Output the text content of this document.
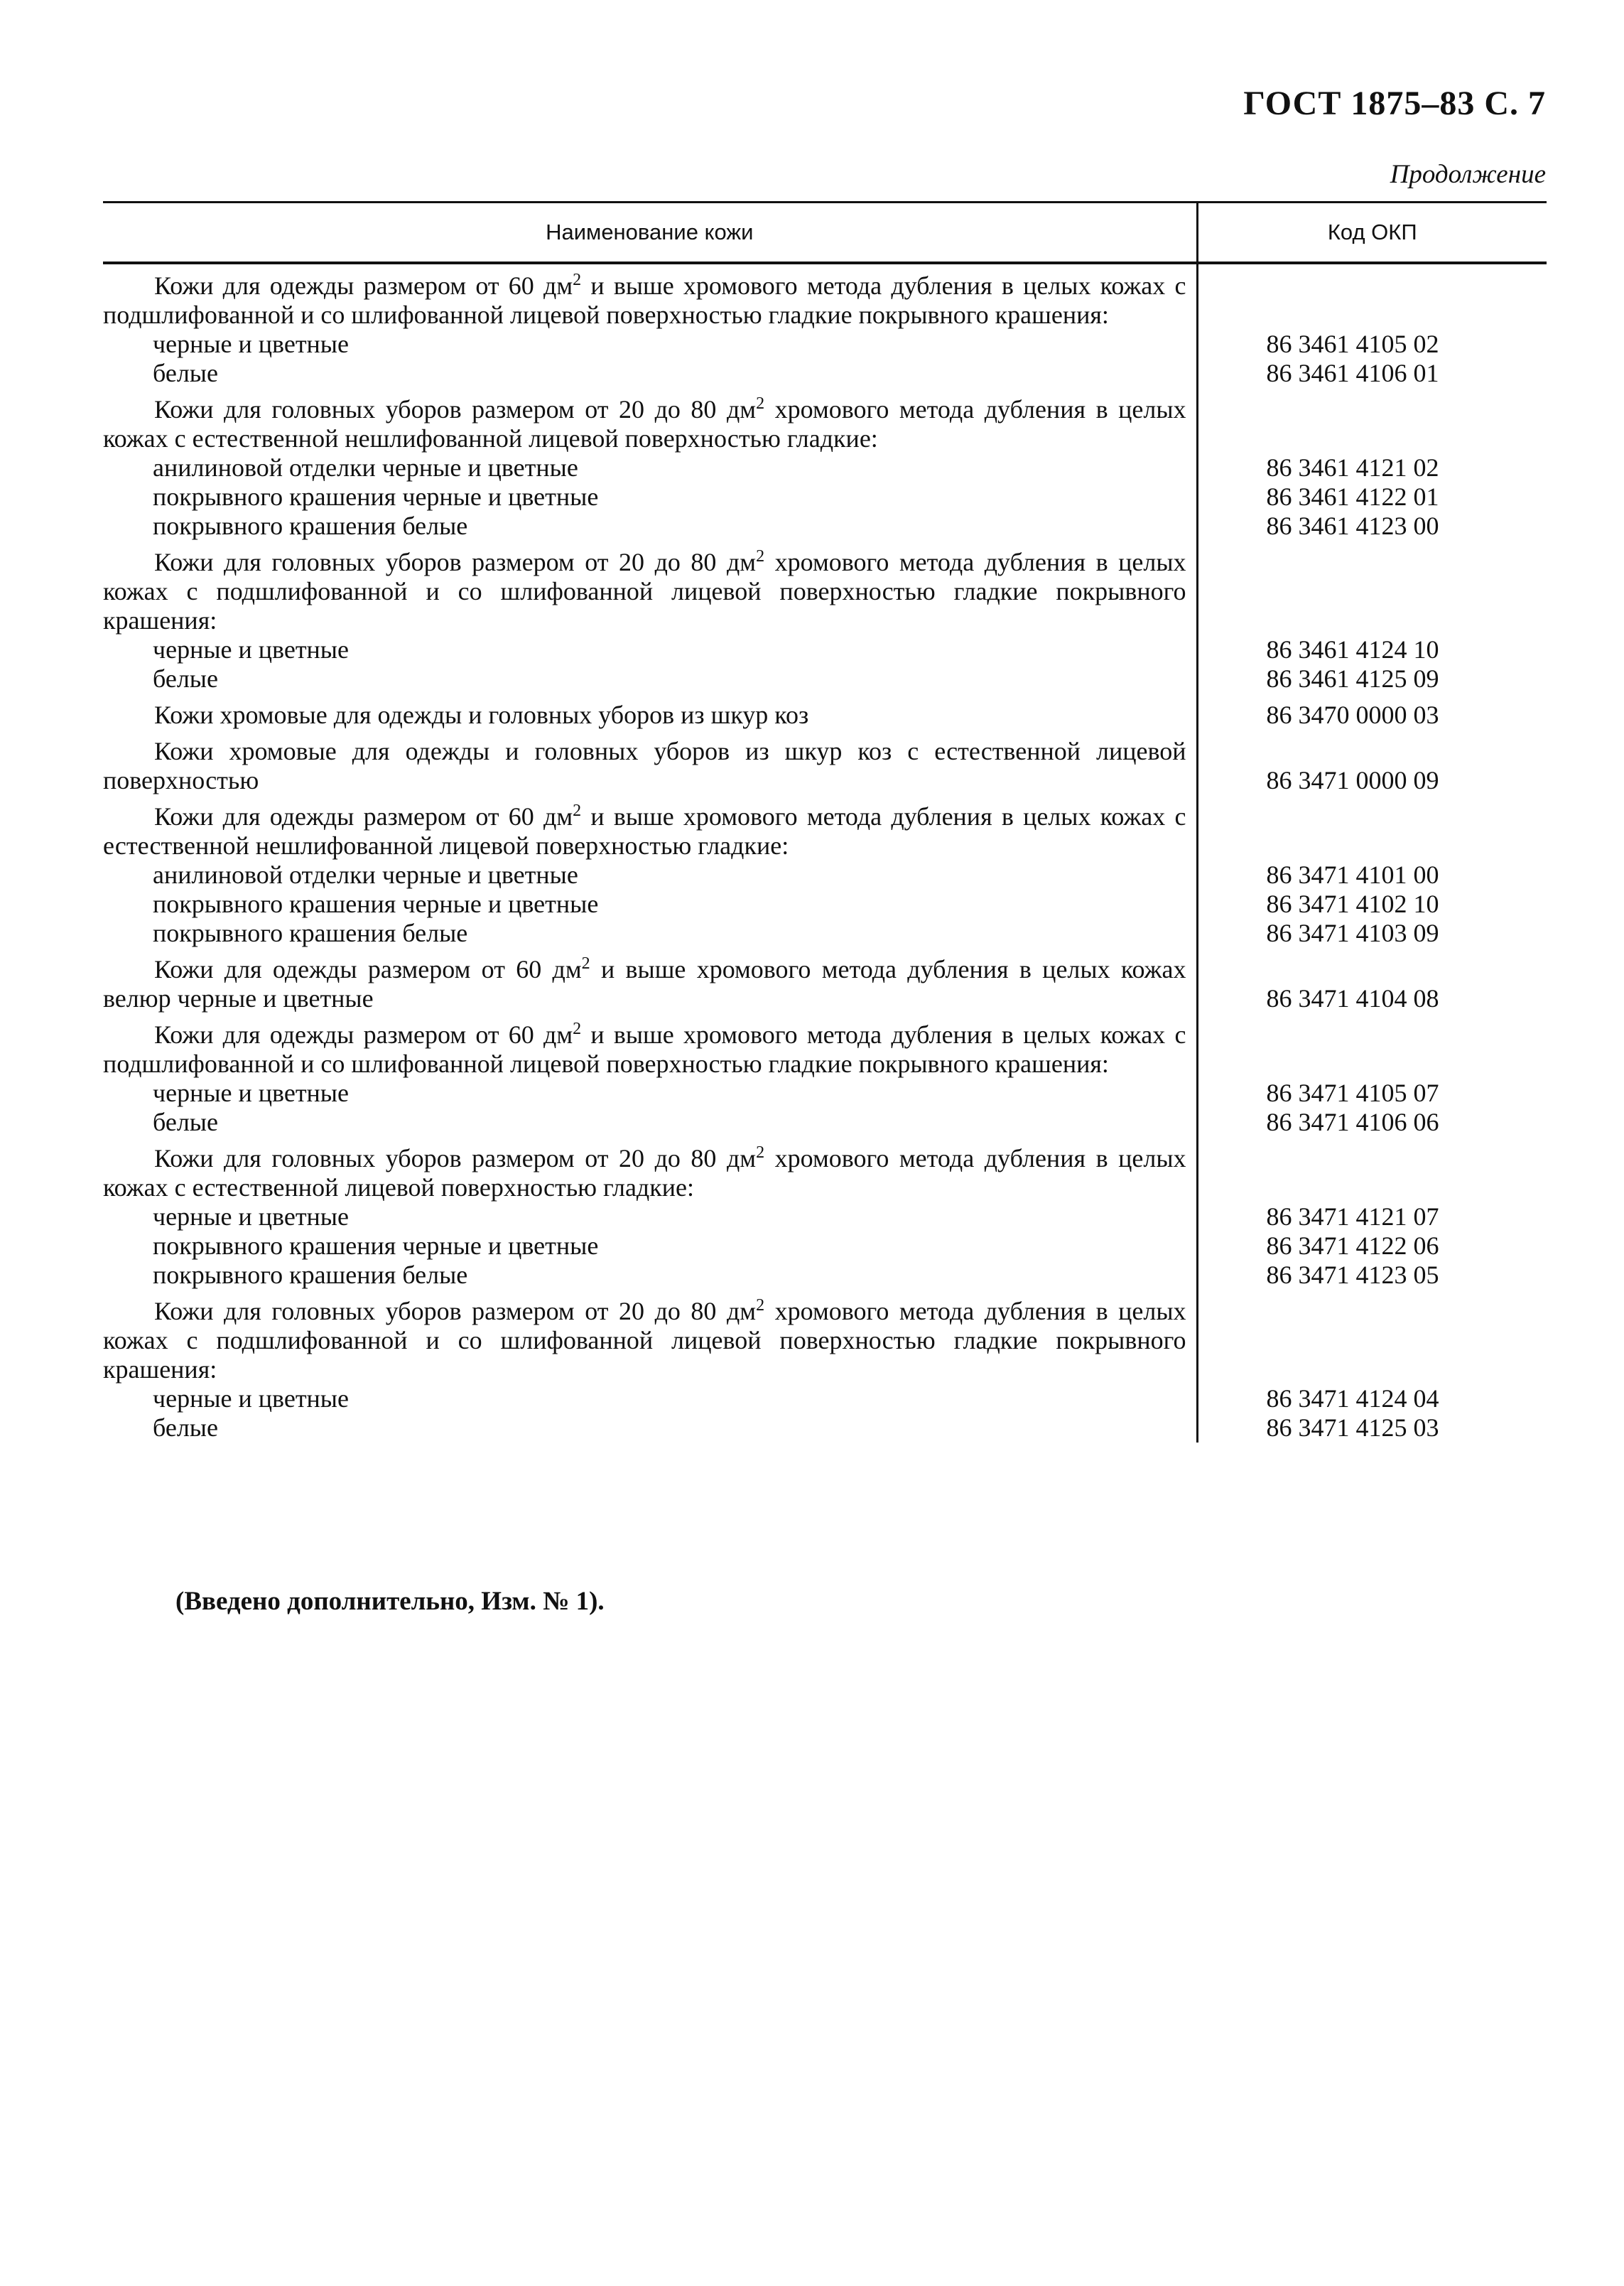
ГОСТ 1875–83 С. 7
Продолжение
Наименование кожи	Код ОКП

Кожи для одежды размером от 60 $дм^2$ и выше хромового метода дубления в целых кожах с подшлифованной и со шлифованной лицевой поверхностью гладкие покрывного крашения:	

черные и цветные	86 3461 4105 02
белые	86 3461 4106 01

Кожи для головных уборов размером от 20 до 80 $дм^2$ хромового метода дубления в целых кожах с естественной нешлифованной лицевой поверхностью гладкие:	

анилиновой отделки черные и цветные	86 3461 4121 02
покрывного крашения черные и цветные	86 3461 4122 01
покрывного крашения белые	86 3461 4123 00

Кожи для головных уборов размером от 20 до 80 $дм^2$ хромового метода дубления в целых кожах с подшлифованной и со шлифованной лицевой поверхностью гладкие покрывного крашения:	

черные и цветные	86 3461 4124 10
белые	86 3461 4125 09

Кожи хромовые для одежды и головных уборов из шкур коз	86 3470 0000 03

Кожи хромовые для одежды и головных уборов из шкур коз с естественной лицевой поверхностью	86 3471 0000 09

Кожи для одежды размером от 60 $дм^2$ и выше хромового метода дубления в целых кожах с естественной нешлифованной лицевой поверхностью гладкие:	

анилиновой отделки черные и цветные	86 3471 4101 00
покрывного крашения черные и цветные	86 3471 4102 10
покрывного крашения белые	86 3471 4103 09

Кожи для одежды размером от 60 $дм^2$ и выше хромового метода дубления в целых кожах велюр черные и цветные	86 3471 4104 08

Кожи для одежды размером от 60 $дм^2$ и выше хромового метода дубления в целых кожах с подшлифованной и со шлифованной лицевой поверхностью гладкие покрывного крашения:	

черные и цветные	86 3471 4105 07
белые	86 3471 4106 06

Кожи для головных уборов размером от 20 до 80 $дм^2$ хромового метода дубления в целых кожах с естественной лицевой поверхностью гладкие:	

черные и цветные	86 3471 4121 07
покрывного крашения черные и цветные	86 3471 4122 06
покрывного крашения белые	86 3471 4123 05

Кожи для головных уборов размером от 20 до 80 $дм^2$ хромового метода дубления в целых кожах с подшлифованной и со шлифованной лицевой поверхностью гладкие покрывного крашения:	

черные и цветные	86 3471 4124 04
белые	86 3471 4125 03
(Введено дополнительно, Изм. № 1).
